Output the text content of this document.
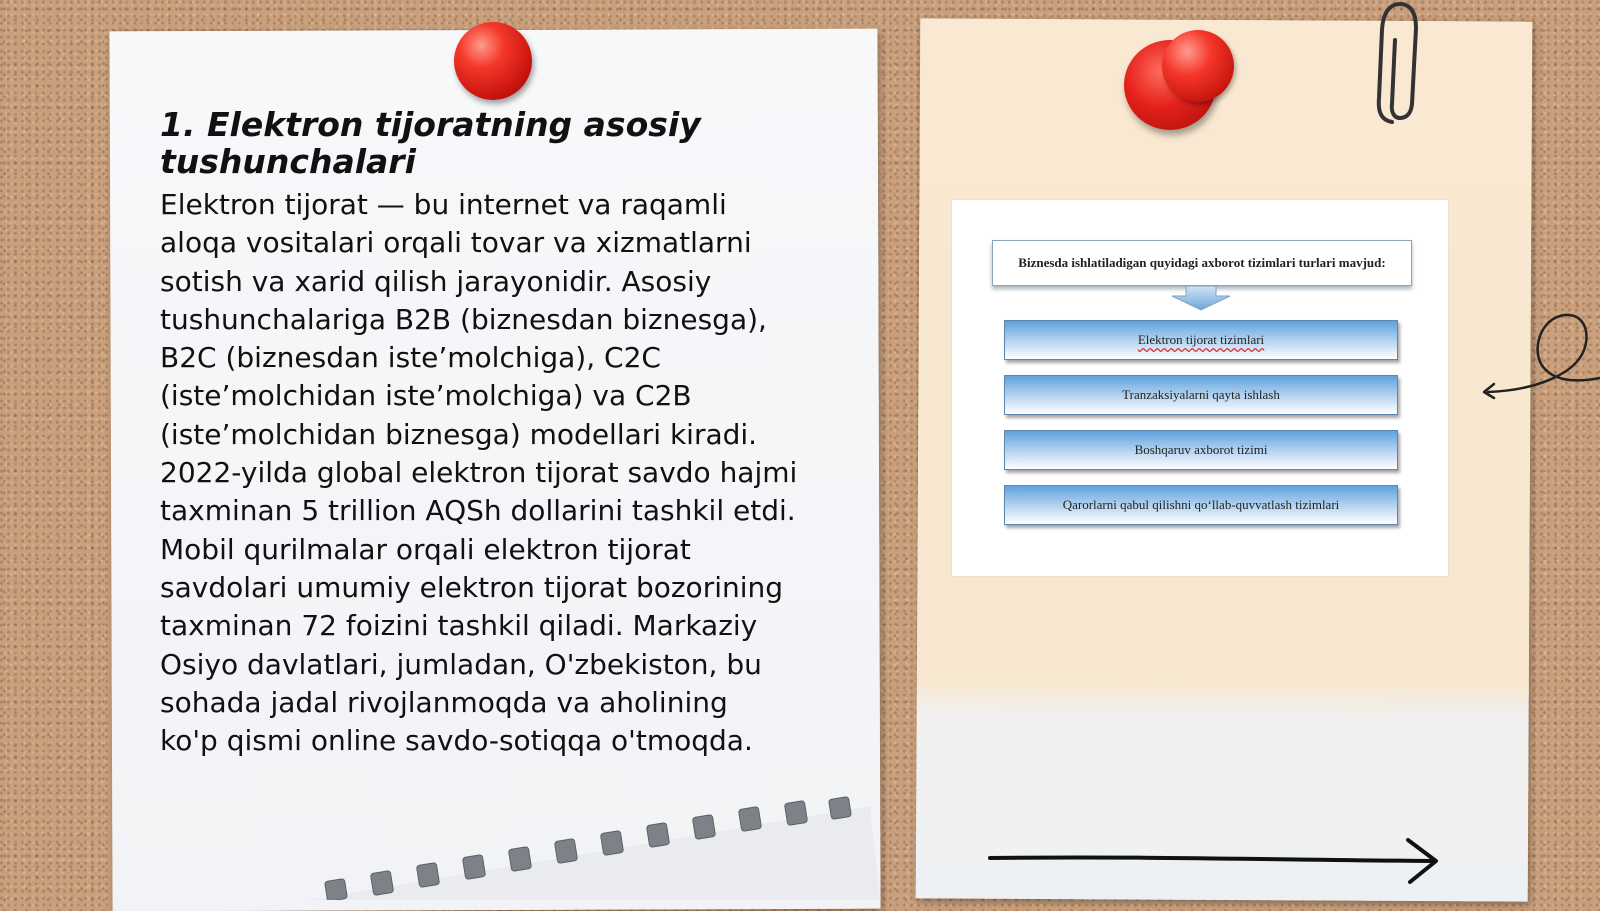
1. Elektron tijoratning asosiy tushunchalari

Elektron tijorat — bu internet va raqamli
aloqa vositalari orqali tovar va xizmatlarni
sotish va xarid qilish jarayonidir. Asosiy
tushunchalariga B2B (biznesdan biznesga),
B2C (biznesdan iste’molchiga), C2C
(iste’molchidan iste’molchiga) va C2B
(iste’molchidan biznesga) modellari kiradi.
2022-yilda global elektron tijorat savdo hajmi
taxminan 5 trillion AQSh dollarini tashkil etdi.
Mobil qurilmalar orqali elektron tijorat
savdolari umumiy elektron tijorat bozorining
taxminan 72 foizini tashkil qiladi. Markaziy
Osiyo davlatlari, jumladan, O'zbekiston, bu
sohada jadal rivojlanmoqda va aholining
ko'p qismi online savdo-sotiqqa o'tmoqda.

Biznesda ishlatiladigan quyidagi axborot tizimlari turlari mavjud:
Elektron tijorat tizimlari
Tranzaksiyalarni qayta ishlash
Boshqaruv axborot tizimi
Qarorlarni qabul qilishni qo‘llab-quvvatlash tizimlari
